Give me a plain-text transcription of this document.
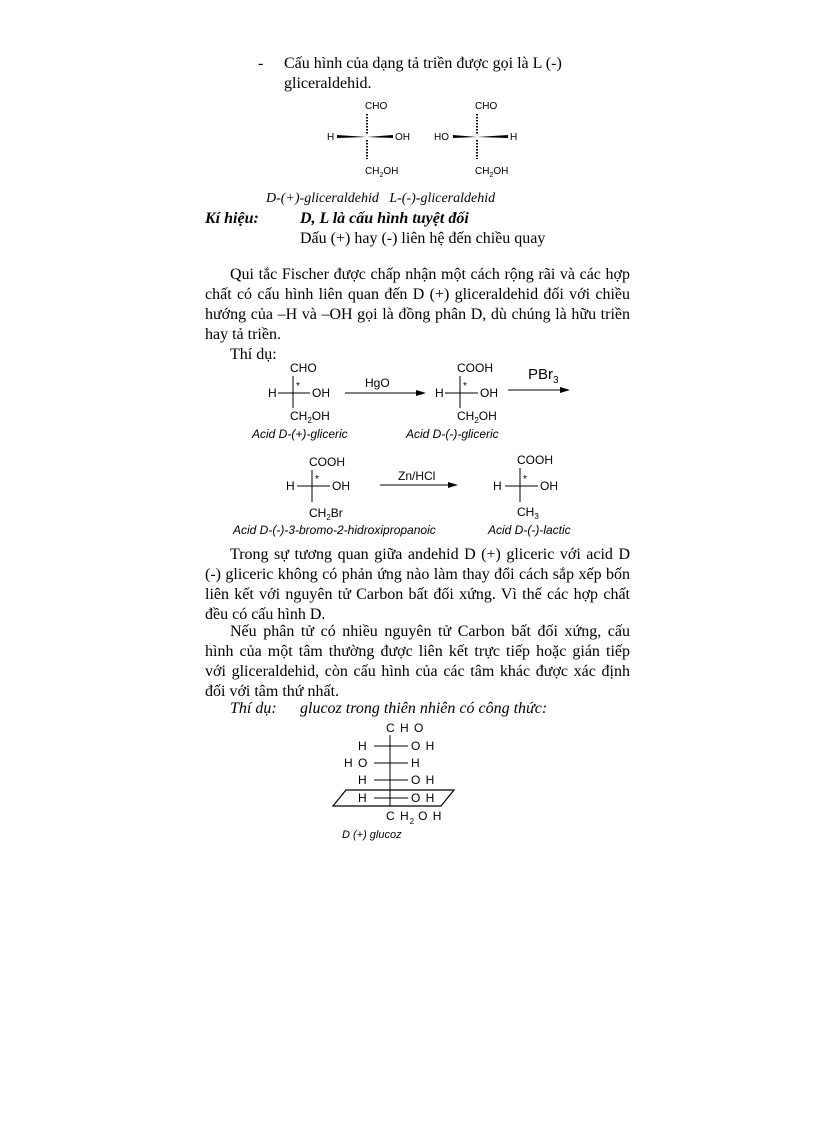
- Cấu hình của dạng tả triền được gọi là L (-)
gliceraldehid.
CHO
H	OH
$CH_2OH$
CHO
HO	H
$CH_2OH$
D-(+)-gliceraldehid   L-(-)-gliceraldehid
Kí hiệu:	D, L là cấu hình tuyệt đối
Dấu (+) hay (-) liên hệ đến chiều quay
Qui tắc Fischer được chấp nhận một cách rộng rãi và các hợp chất có cấu hình liên quan đến D (+) gliceraldehid đối với chiều hướng của –H và –OH gọi là đồng phân D, dù chúng là hữu triền hay tả triền.
Thí dụ:
CHO
H * OH
$CH_2OH$
Acid D-(+)-gliceric
HgO
COOH
H * OH
$CH_2OH$
Acid D-(-)-gliceric
PBr$_3$
COOH
H * OH
$CH_2Br$
Acid D-(-)-3-bromo-2-hidroxipropanoic
Zn/HCl
COOH
H * OH
$CH_3$
Acid D-(-)-lactic
Trong sự tương quan giữa andehid D (+) gliceric với acid D (-) gliceric không có phản ứng nào làm thay đổi cách sắp xếp bốn liên kết với nguyên tử Carbon bất đối xứng. Vì thế các hợp chất đều có cấu hình D.
Nếu phân tử có nhiều nguyên tử Carbon bất đối xứng, cấu hình của một tâm thường được liên kết trực tiếp hoặc gián tiếp với gliceraldehid, còn cấu hình của các tâm khác được xác định đối với tâm thứ nhất.
Thí dụ: glucoz trong thiên nhiên có công thức:
C H O
H	O H
H O	H
H	O H
H	O H
C $H_2$ O H
D (+) glucoz
